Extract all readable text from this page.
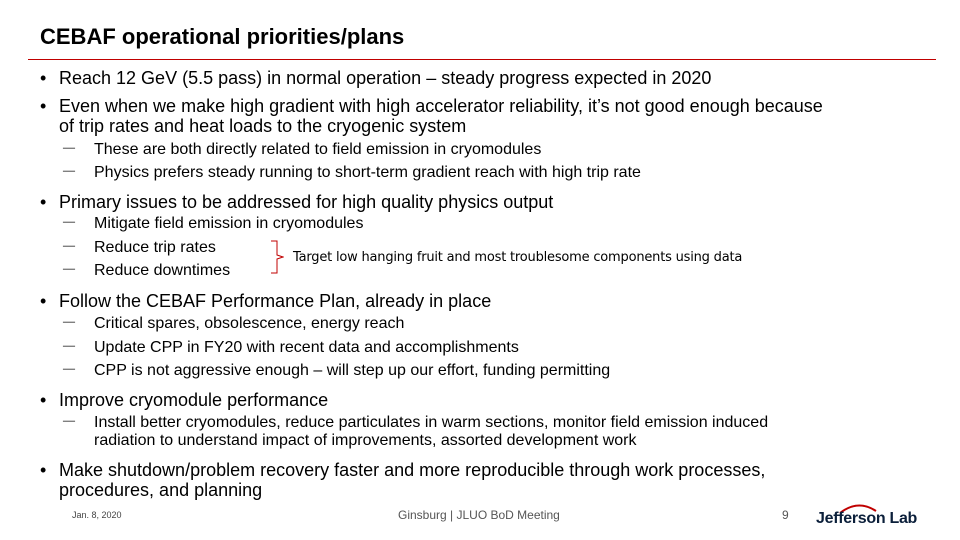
CEBAF operational priorities/plans
• Reach 12 GeV (5.5 pass) in normal operation – steady progress expected in 2020
• Even when we make high gradient with high accelerator reliability, it’s not good enough because
of trip rates and heat loads to the cryogenic system
－ These are both directly related to field emission in cryomodules
－ Physics prefers steady running to short-term gradient reach with high trip rate
• Primary issues to be addressed for high quality physics output
－ Mitigate field emission in cryomodules
－ Reduce trip rates
－ Reduce downtimes
Target low hanging fruit and most troublesome components using data
• Follow the CEBAF Performance Plan, already in place
－ Critical spares, obsolescence, energy reach
－ Update CPP in FY20 with recent data and accomplishments
－ CPP is not aggressive enough – will step up our effort, funding permitting
• Improve cryomodule performance
－ Install better cryomodules, reduce particulates in warm sections, monitor field emission induced
radiation to understand impact of improvements, assorted development work
• Make shutdown/problem recovery faster and more reproducible through work processes,
procedures, and planning
Jan. 8, 2020	Ginsburg | JLUO BoD Meeting	9 Jefferson Lab
